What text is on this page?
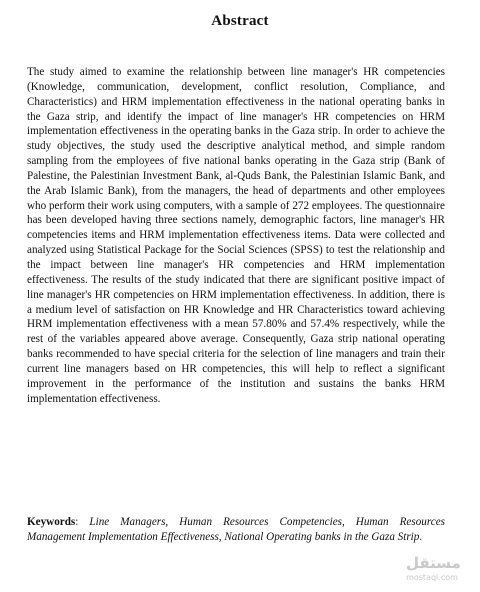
Abstract

The study aimed to examine the relationship between line manager's HR competencies (Knowledge, communication, development, conflict resolution, Compliance, and Characteristics) and HRM implementation effectiveness in the national operating banks in the Gaza strip, and identify the impact of line manager's HR competencies on HRM implementation effectiveness in the operating banks in the Gaza strip. In order to achieve the study objectives, the study used the descriptive analytical method, and simple random sampling from the employees of five national banks operating in the Gaza strip (Bank of Palestine, the Palestinian Investment Bank, al-Quds Bank, the Palestinian Islamic Bank, and the Arab Islamic Bank), from the managers, the head of departments and other employees who perform their work using computers, with a sample of 272 employees. The questionnaire has been developed having three sections namely, demographic factors, line manager's HR competencies items and HRM implementation effectiveness items. Data were collected and analyzed using Statistical Package for the Social Sciences (SPSS) to test the relationship and the impact between line manager's HR competencies and HRM implementation effectiveness. The results of the study indicated that there are significant positive impact of line manager's HR competencies on HRM implementation effectiveness. In addition, there is a medium level of satisfaction on HR Knowledge and HR Characteristics toward achieving HRM implementation effectiveness with a mean 57.80% and 57.4% respectively, while the rest of the variables appeared above average. Consequently, Gaza strip national operating banks recommended to have special criteria for the selection of line managers and train their current line managers based on HR competencies, this will help to reflect a significant improvement in the performance of the institution and sustains the banks HRM implementation effectiveness.

Keywords: Line Managers, Human Resources Competencies, Human Resources Management Implementation Effectiveness, National Operating banks in the Gaza Strip.

مستقل
mostaql.com
